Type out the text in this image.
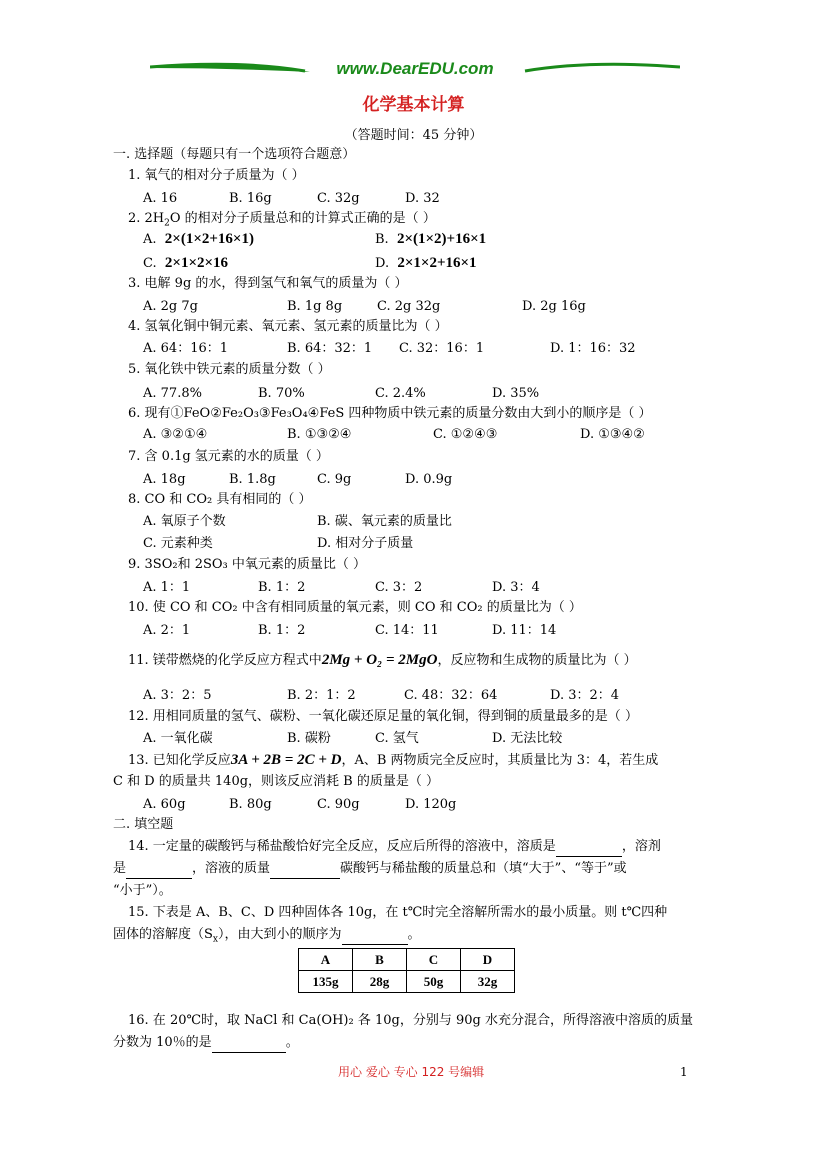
www.DearEDU.com
化学基本计算
（答题时间：45 分钟）
一. 选择题（每题只有一个选项符合题意）
1. 氧气的相对分子质量为（ ）
A. 16	B. 16g	C. 32g	D. 32
2. $2H_2O$ 的相对分子质量总和的计算式正确的是（ ）
A. 2×(1×2+16×1)	B. 2×(1×2)+16×1
C. 2×1×2×16	D. 2×1×2+16×1
3. 电解 9g 的水，得到氢气和氧气的质量为（ ）
A. 2g 7g	B. 1g 8g	C. 2g 32g	D. 2g 16g
4. 氢氧化铜中铜元素、氧元素、氢元素的质量比为（ ）
A. 64：16：1	B. 64：32：1 C. 32：16：1	D. 1：16：32
5. 氧化铁中铁元素的质量分数（ ）
A. 77.8%	B. 70%	C. 2.4%	D. 35%
6. 现有①FeO②Fe₂O₃③Fe₃O₄④FeS 四种物质中铁元素的质量分数由大到小的顺序是（ ）
A. ③②①④	B. ①③②④	C. ①②④③	D. ①③④②
7. 含 0.1g 氢元素的水的质量（ ）
A. 18g	B. 1.8g	C. 9g	D. 0.9g
8. CO 和 CO₂ 具有相同的（ ）
A. 氧原子个数	B. 碳、氧元素的质量比
C. 元素种类	D. 相对分子质量
9. 3SO₂和 2SO₃ 中氧元素的质量比（ ）
A. 1：1	B. 1：2	C. 3：2	D. 3：4
10. 使 CO 和 CO₂ 中含有相同质量的氧元素，则 CO 和 CO₂ 的质量比为（ ）
A. 2：1	B. 1：2	C. 14：11	D. 11：14
11. 镁带燃烧的化学反应方程式中2Mg + O₂ = 2MgO，反应物和生成物的质量比为（ ）
A. 3：2：5	B. 2：1：2	C. 48：32：64	D. 3：2：4
12. 用相同质量的氢气、碳粉、一氧化碳还原足量的氧化铜，得到铜的质量最多的是（ ）
A. 一氧化碳	B. 碳粉	C. 氢气	D. 无法比较
13. 已知化学反应3A + 2B = 2C + D，A、B 两物质完全反应时，其质量比为 3：4，若生成
C 和 D 的质量共 140g，则该反应消耗 B 的质量是（ ）
A. 60g	B. 80g	C. 90g	D. 120g
二. 填空题
14. 一定量的碳酸钙与稀盐酸恰好完全反应，反应后所得的溶液中，溶质是	，溶剂
是	，溶液的质量	碳酸钙与稀盐酸的质量总和（填“大于”、“等于”或
“小于”）。
15. 下表是 A、B、C、D 四种固体各 10g，在 t℃时完全溶解所需水的最小质量。则 t℃四种
固体的溶解度$(S_x)$，由大到小的顺序为	。
A	B	C	D
135g	28g	50g	32g
16. 在 20℃时，取 NaCl 和 Ca(OH)₂ 各 10g，分别与 90g 水充分混合，所得溶液中溶质的质量
分数为 10％的是	。
用心 爱心 专心 122 号编辑	1
